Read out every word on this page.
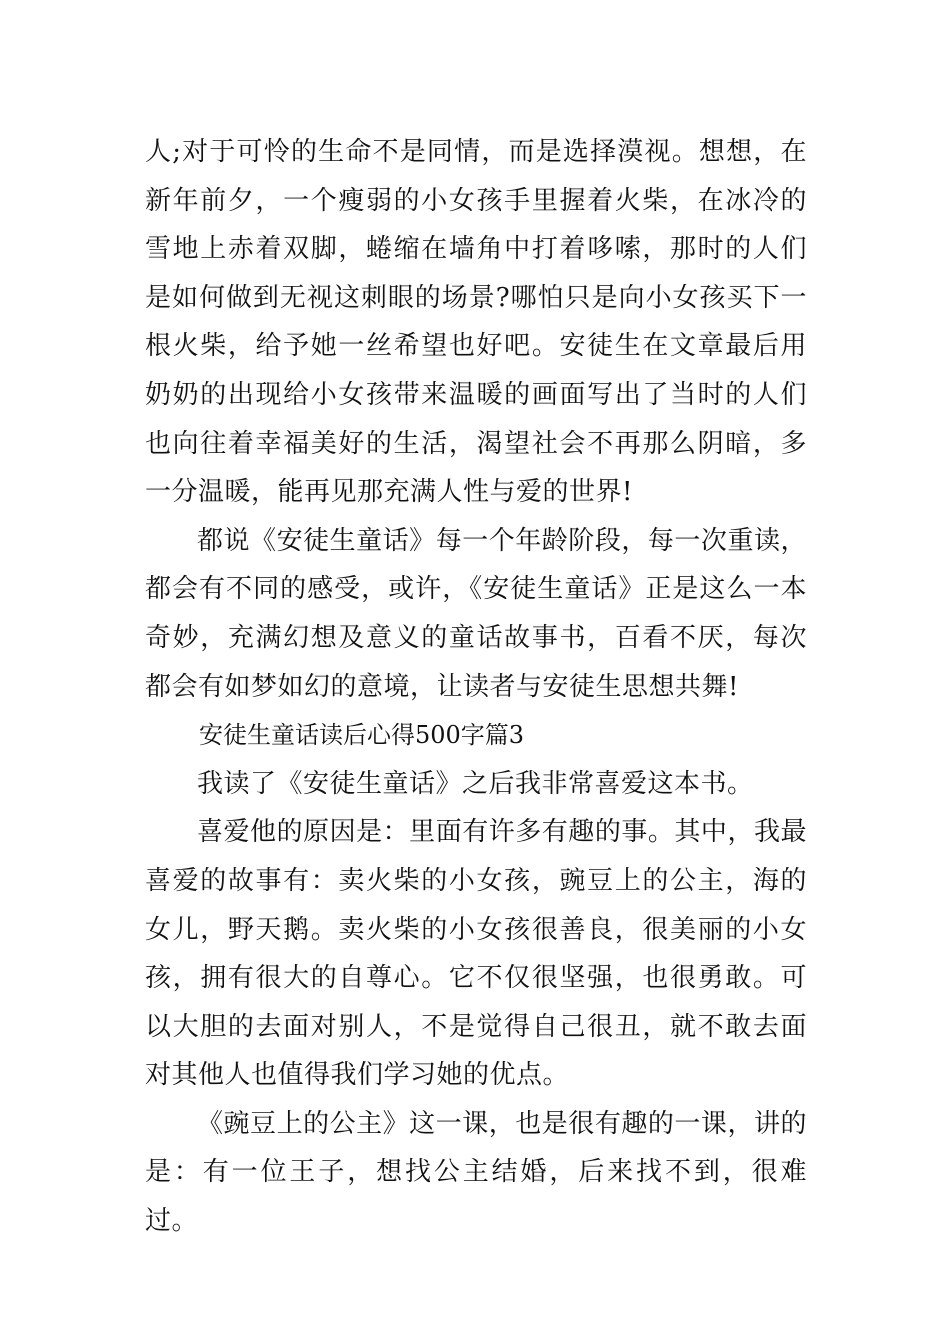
人;对于可怜的生命不是同情，而是选择漠视。想想，在新年前夕，一个瘦弱的小女孩手里握着火柴，在冰冷的雪地上赤着双脚，蜷缩在墙角中打着哆嗦，那时的人们是如何做到无视这刺眼的场景?哪怕只是向小女孩买下一根火柴，给予她一丝希望也好吧。安徒生在文章最后用奶奶的出现给小女孩带来温暖的画面写出了当时的人们也向往着幸福美好的生活，渴望社会不再那么阴暗，多一分温暖，能再见那充满人性与爱的世界!

都说《安徒生童话》每一个年龄阶段，每一次重读，都会有不同的感受，或许，《安徒生童话》正是这么一本奇妙，充满幻想及意义的童话故事书，百看不厌，每次都会有如梦如幻的意境，让读者与安徒生思想共舞!

安徒生童话读后心得500字篇3

我读了《安徒生童话》之后我非常喜爱这本书。

喜爱他的原因是：里面有许多有趣的事。其中，我最喜爱的故事有：卖火柴的小女孩，豌豆上的公主，海的女儿，野天鹅。卖火柴的小女孩很善良，很美丽的小女孩，拥有很大的自尊心。它不仅很坚强，也很勇敢。可以大胆的去面对别人，不是觉得自己很丑，就不敢去面对其他人也值得我们学习她的优点。

《豌豆上的公主》这一课，也是很有趣的一课，讲的是：有一位王子，想找公主结婚，后来找不到，很难过。
